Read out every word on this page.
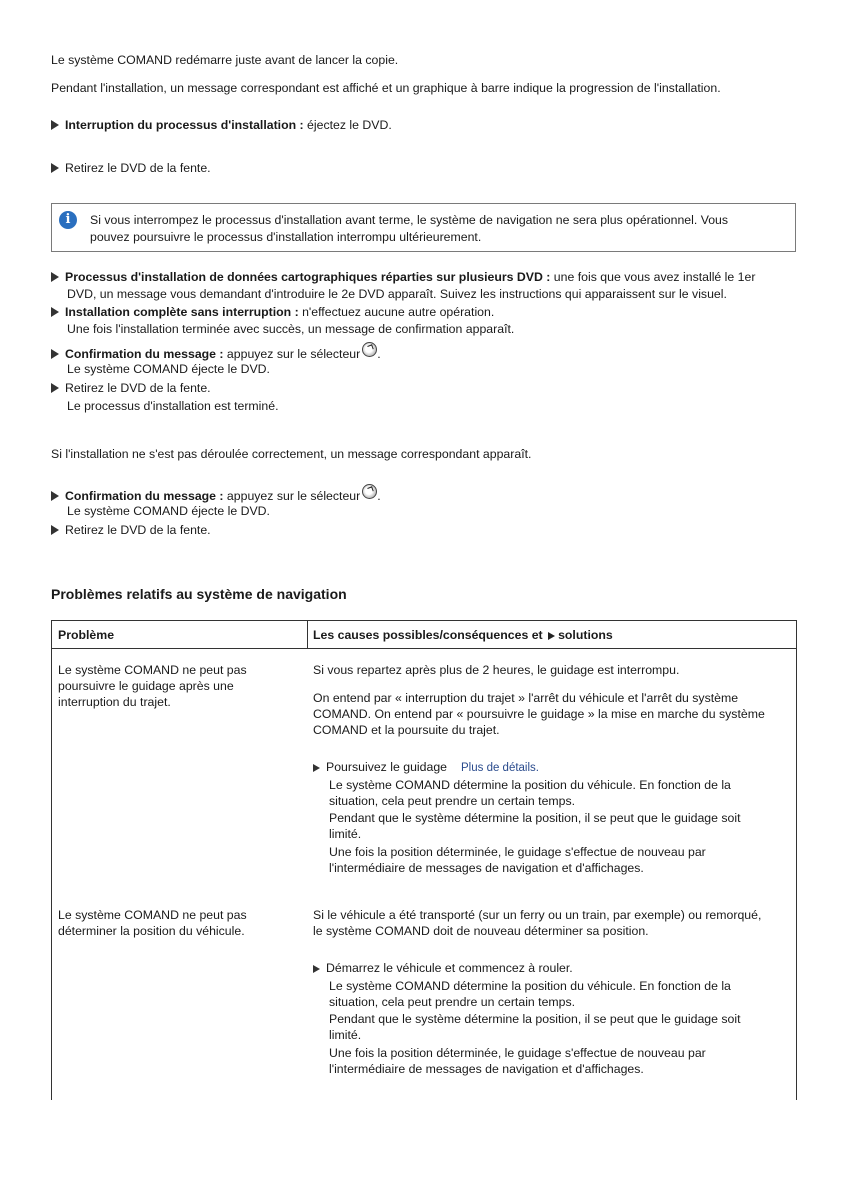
Le système COMAND redémarre juste avant de lancer la copie.
Pendant l'installation, un message correspondant est affiché et un graphique à barre indique la progression de l'installation.
Interruption du processus d'installation : éjectez le DVD.
Retirez le DVD de la fente.
i	Si vous interrompez le processus d'installation avant terme, le système de navigation ne sera plus opérationnel. Vous
pouvez poursuivre le processus d'installation interrompu ultérieurement.
Processus d'installation de données cartographiques réparties sur plusieurs DVD : une fois que vous avez installé le 1er
DVD, un message vous demandant d'introduire le 2e DVD apparaît. Suivez les instructions qui apparaissent sur le visuel.
Installation complète sans interruption : n'effectuez aucune autre opération.
Une fois l'installation terminée avec succès, un message de confirmation apparaît.
Confirmation du message : appuyez sur le sélecteur .
Le système COMAND éjecte le DVD.
Retirez le DVD de la fente.
Le processus d'installation est terminé.
Si l'installation ne s'est pas déroulée correctement, un message correspondant apparaît.
Confirmation du message : appuyez sur le sélecteur .
Le système COMAND éjecte le DVD.
Retirez le DVD de la fente.
Problèmes relatifs au système de navigation
Problème	Les causes possibles/conséquences et solutions
Le système COMAND ne peut pas
poursuivre le guidage après une
interruption du trajet.
Si vous repartez après plus de 2 heures, le guidage est interrompu.
On entend par « interruption du trajet » l'arrêt du véhicule et l'arrêt du système
COMAND. On entend par « poursuivre le guidage » la mise en marche du système
COMAND et la poursuite du trajet.
Poursuivez le guidage Plus de détails.
Le système COMAND détermine la position du véhicule. En fonction de la
situation, cela peut prendre un certain temps.
Pendant que le système détermine la position, il se peut que le guidage soit
limité.
Une fois la position déterminée, le guidage s'effectue de nouveau par
l'intermédiaire de messages de navigation et d'affichages.
Le système COMAND ne peut pas
déterminer la position du véhicule.
Si le véhicule a été transporté (sur un ferry ou un train, par exemple) ou remorqué,
le système COMAND doit de nouveau déterminer sa position.
Démarrez le véhicule et commencez à rouler.
Le système COMAND détermine la position du véhicule. En fonction de la
situation, cela peut prendre un certain temps.
Pendant que le système détermine la position, il se peut que le guidage soit
limité.
Une fois la position déterminée, le guidage s'effectue de nouveau par
l'intermédiaire de messages de navigation et d'affichages.
